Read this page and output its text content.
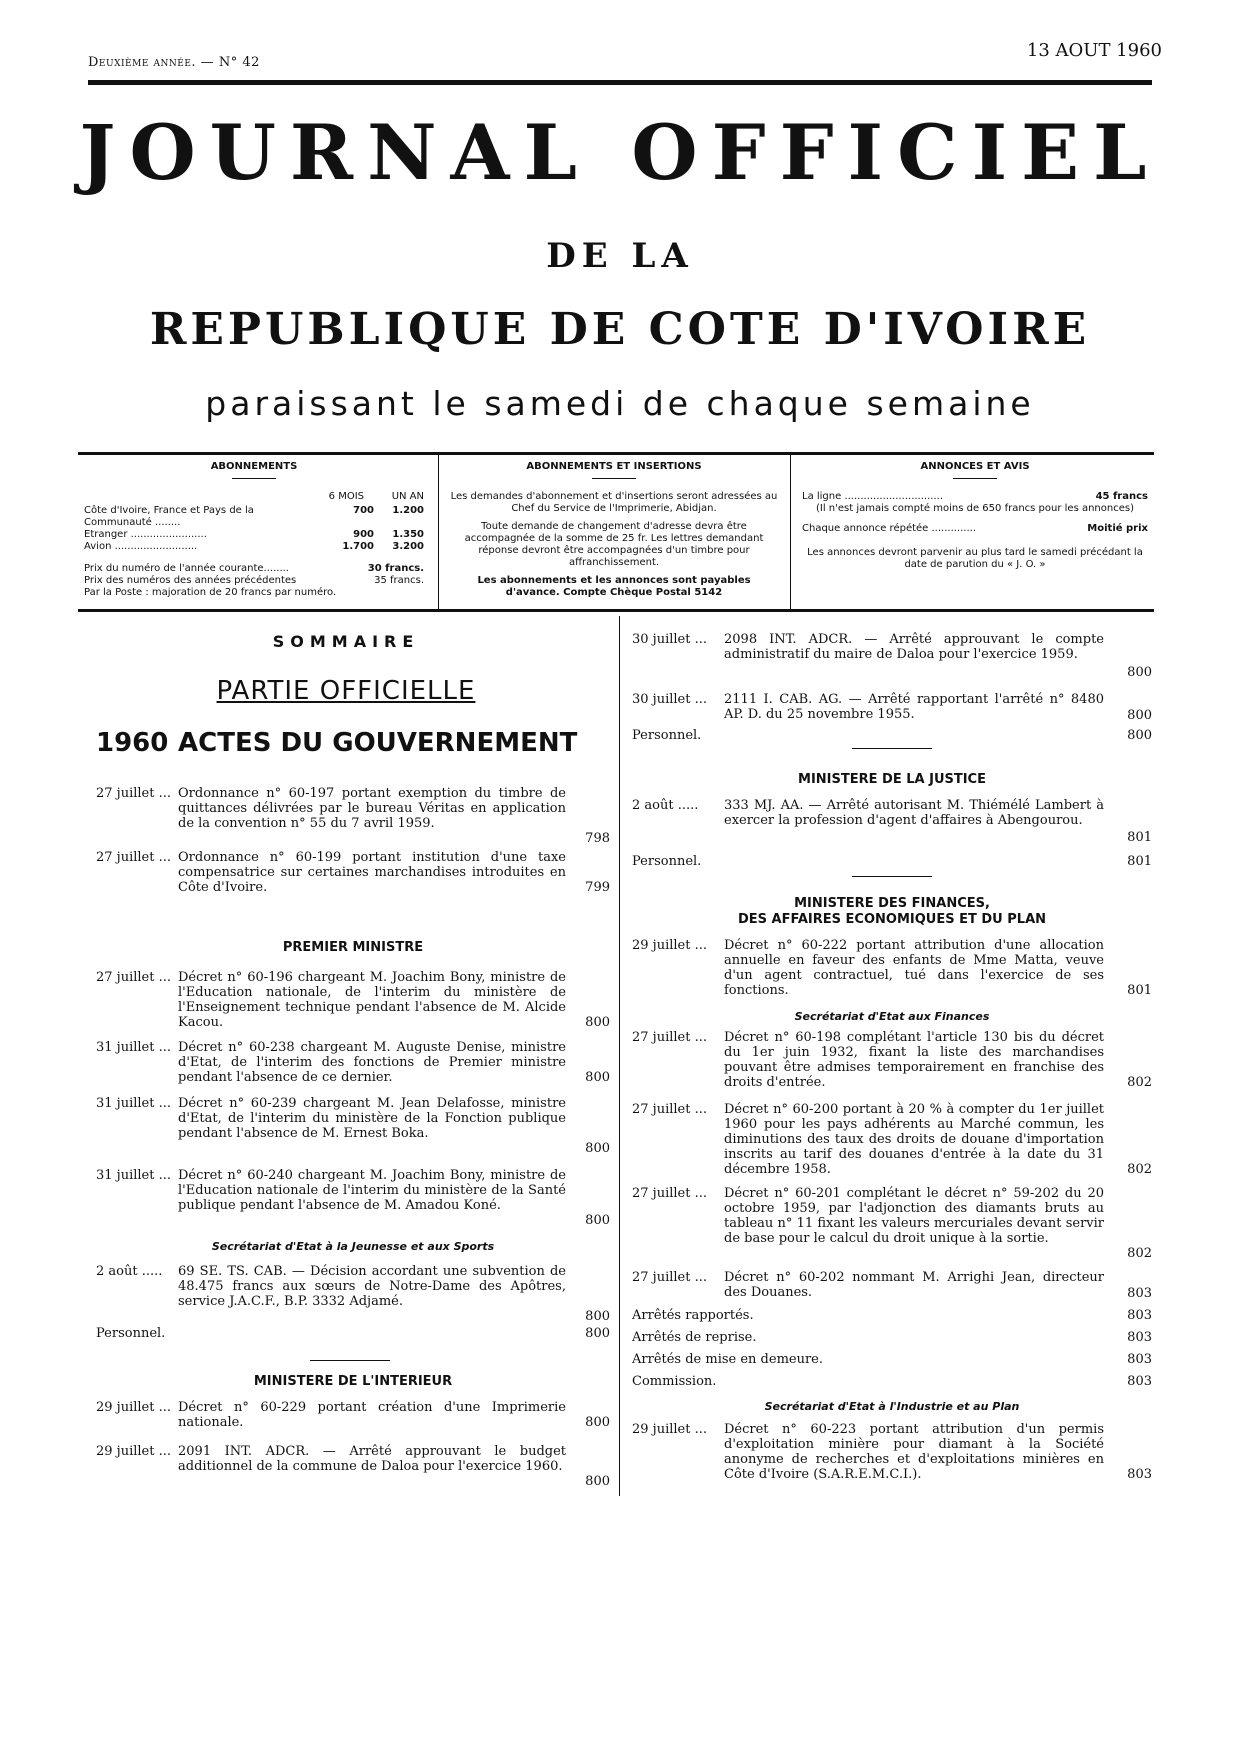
Deuxième année. — N° 42
13 AOUT 1960
JOURNAL OFFICIEL
DE LA
REPUBLIQUE DE COTE D'IVOIRE
paraissant le samedi de chaque semaine
ABONNEMENTS
6 MOIS	UN AN
Côte d'Ivoire, France et Pays de la Communauté ........
700	1.200
Etranger ........................	900	1.350
Avion ..........................	1.700	3.200
Prix du numéro de l'année courante........	30 francs.
Prix des numéros des années précédentes	35 francs.
Par la Poste : majoration de 20 francs par numéro.
ABONNEMENTS ET INSERTIONS
Les demandes d'abonnement et d'insertions seront adressées au Chef du Service de l'Imprimerie, Abidjan.
Toute demande de changement d'adresse devra être accompagnée de la somme de 25 fr. Les lettres demandant réponse devront être accompagnées d'un timbre pour affranchissement.
Les abonnements et les annonces sont payables d'avance. Compte Chèque Postal 5142
ANNONCES ET AVIS
La ligne ...............................	45 francs
(Il n'est jamais compté moins de 650 francs pour les annonces)
Chaque annonce répétée ..............	Moitié prix
Les annonces devront parvenir au plus tard le samedi précédant la date de parution du « J. O. »
SOMMAIRE
PARTIE OFFICIELLE
1960 ACTES DU GOUVERNEMENT
27 juillet ... Ordonnance n° 60-197 portant exemption du timbre de quittances délivrées par le bureau Véritas en application de la convention n° 55 du 7 avril 1959.
798
27 juillet ... Ordonnance n° 60-199 portant institution d'une taxe compensatrice sur certaines marchandises introduites en Côte d'Ivoire.	799
PREMIER MINISTRE
27 juillet ... Décret n° 60-196 chargeant M. Joachim Bony, ministre de l'Education nationale, de l'interim du ministère de l'Enseignement technique pendant l'absence de M. Alcide Kacou.	800
31 juillet ... Décret n° 60-238 chargeant M. Auguste Denise, ministre d'Etat, de l'interim des fonctions de Premier ministre pendant l'absence de ce dernier.	800
31 juillet ... Décret n° 60-239 chargeant M. Jean Delafosse, ministre d'Etat, de l'interim du ministère de la Fonction publique pendant l'absence de M. Ernest Boka.
800
31 juillet ... Décret n° 60-240 chargeant M. Joachim Bony, ministre de l'Education nationale de l'interim du ministère de la Santé publique pendant l'absence de M. Amadou Koné.
800
Secrétariat d'Etat à la Jeunesse et aux Sports
2 août ..... 69 SE. TS. CAB. — Décision accordant une subvention de 48.475 francs aux sœurs de Notre-Dame des Apôtres, service J.A.C.F., B.P. 3332 Adjamé.
800
Personnel.	800
MINISTERE DE L'INTERIEUR
29 juillet ... Décret n° 60-229 portant création d'une Imprimerie nationale.	800
29 juillet ... 2091 INT. ADCR. — Arrêté approuvant le budget additionnel de la commune de Daloa pour l'exercice 1960.
800
30 juillet ... 2098 INT. ADCR. — Arrêté approuvant le compte administratif du maire de Daloa pour l'exercice 1959.
800
30 juillet ... 2111 I. CAB. AG. — Arrêté rapportant l'arrêté n° 8480 AP. D. du 25 novembre 1955.	800
Personnel.	800
MINISTERE DE LA JUSTICE
2 août ..... 333 MJ. AA. — Arrêté autorisant M. Thiémélé Lambert à exercer la profession d'agent d'affaires à Abengourou.
801
Personnel.	801
MINISTERE DES FINANCES,
DES AFFAIRES ECONOMIQUES ET DU PLAN
29 juillet ... Décret n° 60-222 portant attribution d'une allocation annuelle en faveur des enfants de Mme Matta, veuve d'un agent contractuel, tué dans l'exercice de ses fonctions.	801
Secrétariat d'Etat aux Finances
27 juillet ... Décret n° 60-198 complétant l'article 130 bis du décret du 1er juin 1932, fixant la liste des marchandises pouvant être admises temporairement en franchise des droits d'entrée.	802
27 juillet ... Décret n° 60-200 portant à 20 % à compter du 1er juillet 1960 pour les pays adhérents au Marché commun, les diminutions des taux des droits de douane d'importation inscrits au tarif des douanes d'entrée à la date du 31 décembre 1958.	802
27 juillet ... Décret n° 60-201 complétant le décret n° 59-202 du 20 octobre 1959, par l'adjonction des diamants bruts au tableau n° 11 fixant les valeurs mercuriales devant servir de base pour le calcul du droit unique à la sortie.
802
27 juillet ... Décret n° 60-202 nommant M. Arrighi Jean, directeur des Douanes.	803
Arrêtés rapportés.	803
Arrêtés de reprise.	803
Arrêtés de mise en demeure.	803
Commission.	803
Secrétariat d'Etat à l'Industrie et au Plan
29 juillet ... Décret n° 60-223 portant attribution d'un permis d'exploitation minière pour diamant à la Société anonyme de recherches et d'exploitations minières en Côte d'Ivoire (S.A.R.E.M.C.I.).	803
